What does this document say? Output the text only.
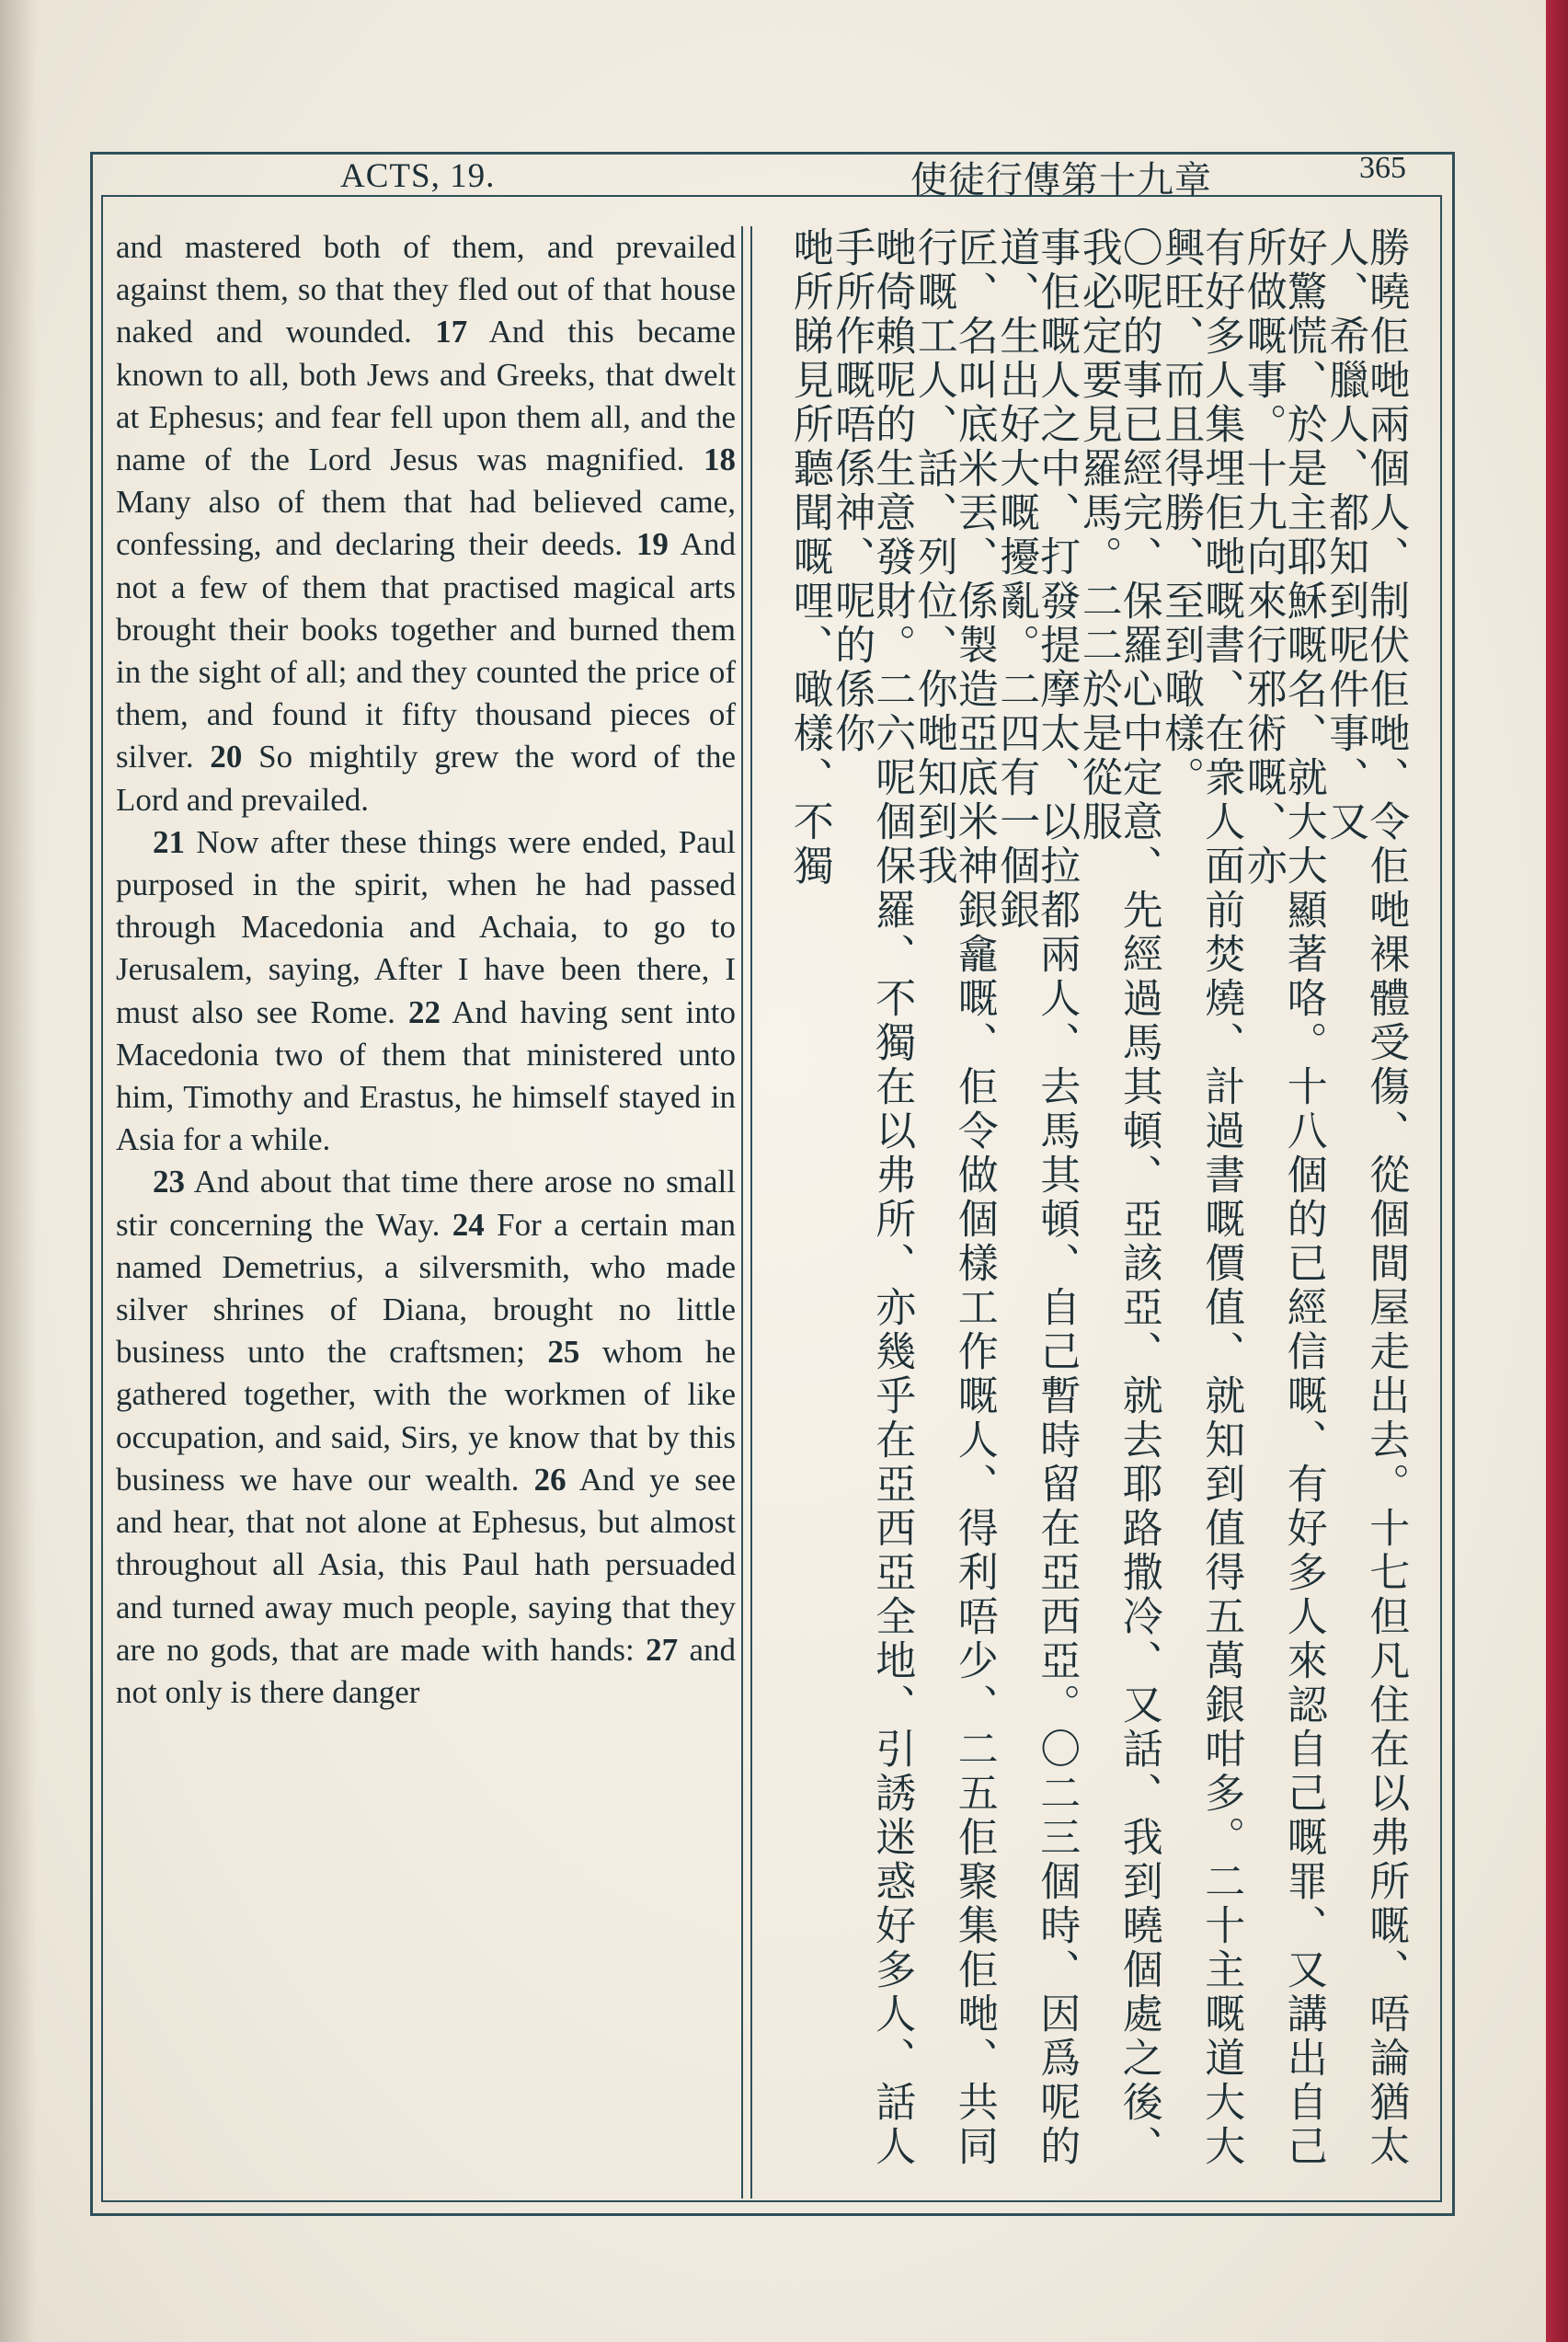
ACTS, 19.	使徒行傳第十九章	365

and mastered both of them, and prevailed against them, so that they fled out of that house naked and wounded. 17 And this became known to all, both Jews and Greeks, that dwelt at Ephesus; and fear fell upon them all, and the name of the Lord Jesus was magnified. 18 Many also of them that had believed came, confessing, and declaring their deeds. 19 And not a few of them that practised magical arts brought their books together and burned them in the sight of all; and they counted the price of them, and found it fifty thousand pieces of silver. 20 So mightily grew the word of the Lord and prevailed.

21 Now after these things were ended, Paul purposed in the spirit, when he had passed through Macedonia and Achaia, to go to Jerusalem, saying, After I have been there, I must also see Rome. 22 And having sent into Macedonia two of them that ministered unto him, Timothy and Erastus, he himself stayed in Asia for a while.

23 And about that time there arose no small stir concerning the Way. 24 For a certain man named Demetrius, a silversmith, who made silver shrines of Diana, brought no little business unto the craftsmen; 25 whom he gathered together, with the workmen of like occupation, and said, Sirs, ye know that by this business we have our wealth. 26 And ye see and hear, that not alone at Ephesus, but almost throughout all Asia, this Paul hath persuaded and turned away much people, saying that they are no gods, that are made with hands: 27 and not only is there danger	勝曉佢哋兩個人、制伏佢哋、令佢哋裸體受傷、從個間屋走出去。十七但凡住在以弗所嘅、唔論猶太人、希臘人、都知到呢件事、又
好驚慌、於是主耶穌嘅名、就大大顯著咯。十八個的已經信嘅、有好多人來認自己嘅罪、又講出自己所做嘅事。十九向來行邪術嘅、亦
有好多人集埋佢哋嘅書、在衆人面前焚燒、計過書嘅價值、就知到值得五萬銀咁多。二十主嘅道大大興旺、而且得勝、至到噉樣。
〇呢的事已經完、保羅心中定意、先經過馬其頓、亞該亞、就去耶路撒冷、又話、我到曉個處之後、我必定要見羅馬。二二於是從服
事佢嘅人之中、打發提摩太、以拉都兩人、去馬其頓、自己暫時留在亞西亞。〇二三個時、因爲呢的道、生出好大嘅擾亂。二四有一個銀
匠、名叫底米丟、係製造亞底米神銀龕嘅、佢令做個樣工作嘅人、得利唔少、二五佢聚集佢哋、共同行嘅工人、話、列位、你哋知到我
哋倚賴呢的生意發財。二六呢個保羅、不獨在以弗所、亦幾乎在亞西亞全地、引誘迷惑好多人、話人手所作嘅唔係神、呢的係你
哋所睇見所聽聞嘅哩、噉樣、不獨
